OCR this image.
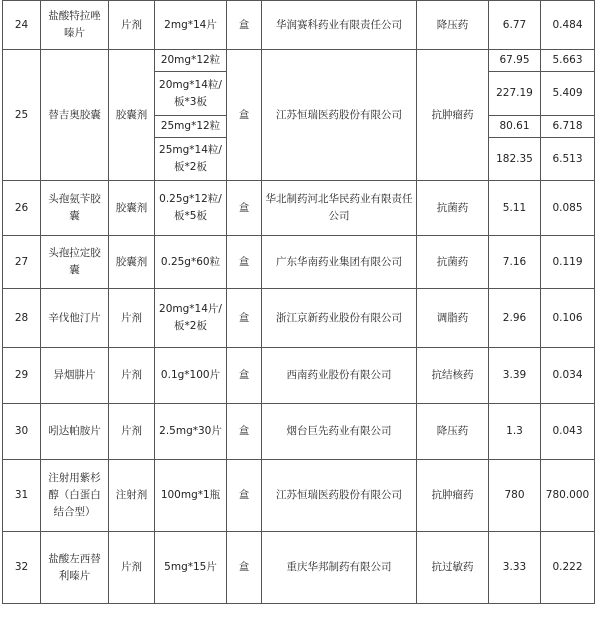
24	盐酸特拉唑嗪片	片剂	2mg*14片	盒	华润赛科药业有限责任公司	降压药	6.77	0.484
25	替吉奥胶囊	胶囊剂	20mg*12粒	盒	江苏恒瑞医药股份有限公司	抗肿瘤药	67.95	5.663
			20mg*14粒/板*3板				227.19	5.409
			25mg*12粒				80.61	6.718
			25mg*14粒/板*2板				182.35	6.513
26	头孢氨苄胶囊	胶囊剂	0.25g*12粒/板*5板	盒	华北制药河北华民药业有限责任公司	抗菌药	5.11	0.085
27	头孢拉定胶囊	胶囊剂	0.25g*60粒	盒	广东华南药业集团有限公司	抗菌药	7.16	0.119
28	辛伐他汀片	片剂	20mg*14片/板*2板	盒	浙江京新药业股份有限公司	调脂药	2.96	0.106
29	异烟肼片	片剂	0.1g*100片	盒	西南药业股份有限公司	抗结核药	3.39	0.034
30	吲达帕胺片	片剂	2.5mg*30片	盒	烟台巨先药业有限公司	降压药	1.3	0.043
31	注射用紫杉醇（白蛋白结合型）	注射剂	100mg*1瓶	盒	江苏恒瑞医药股份有限公司	抗肿瘤药	780	780.000
32	盐酸左西替利嗪片	片剂	5mg*15片	盒	重庆华邦制药有限公司	抗过敏药	3.33	0.222
